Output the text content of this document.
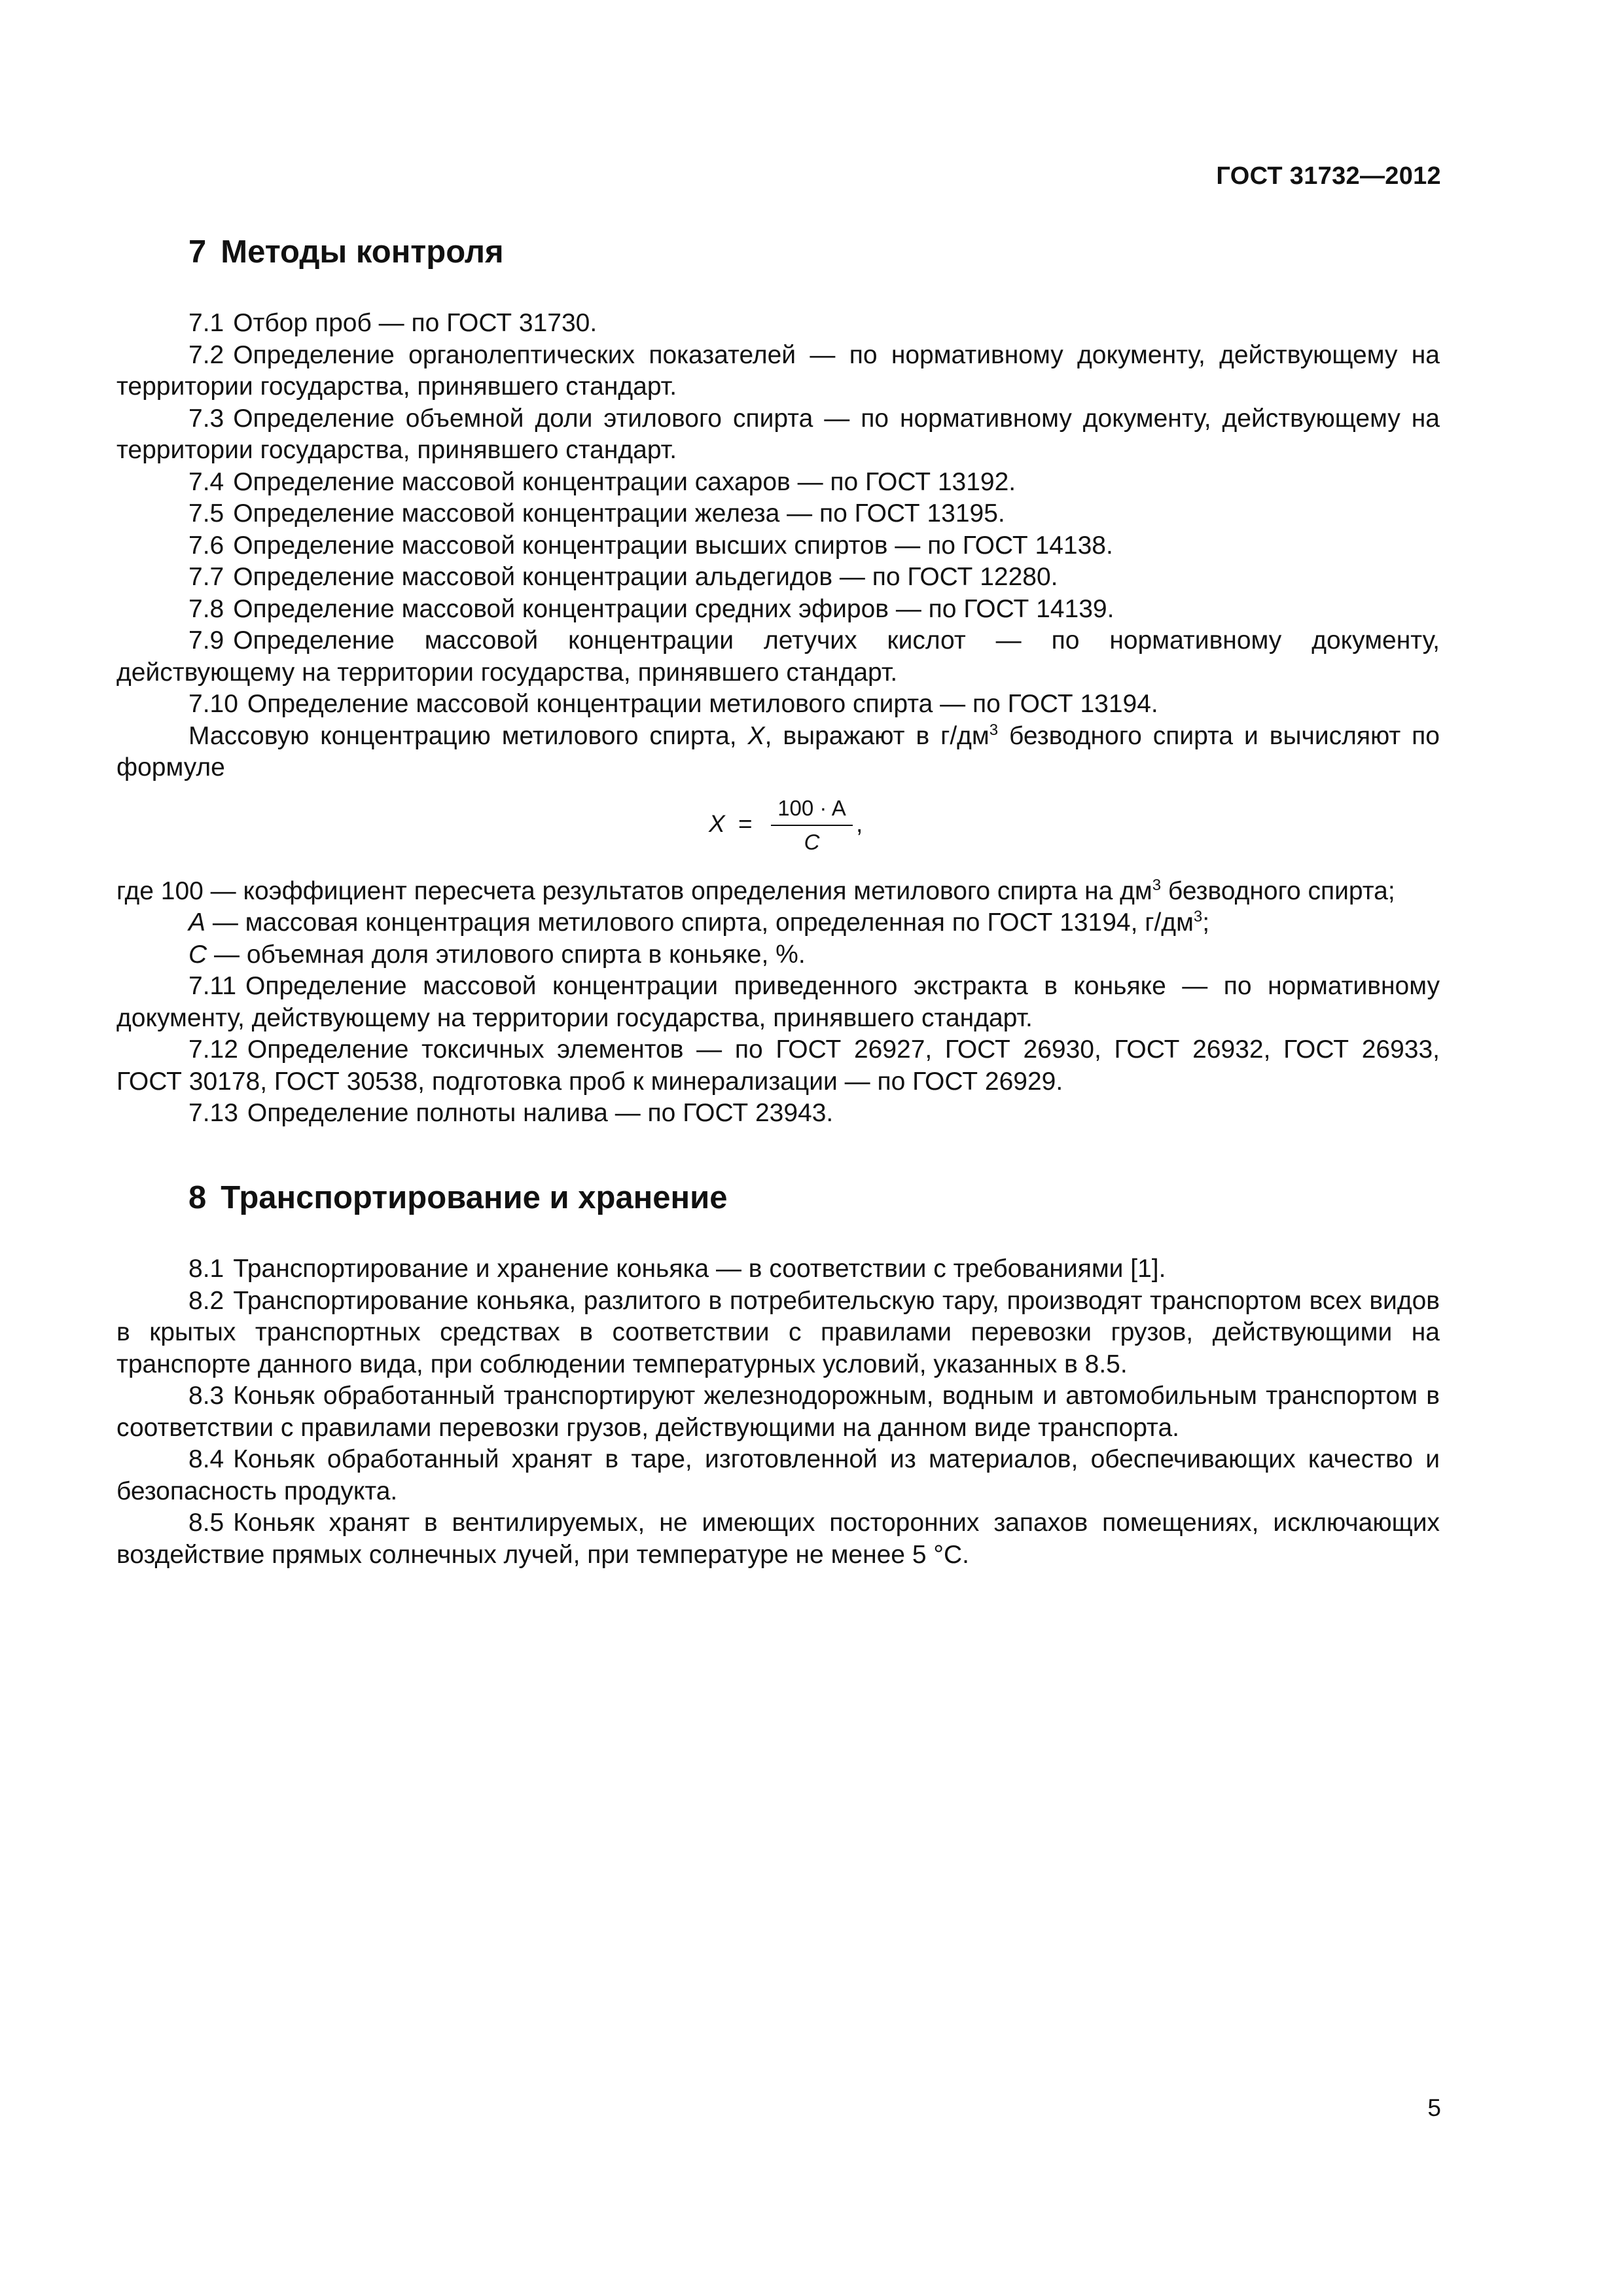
ГОСТ 31732—2012
7 Методы контроля

7.1 Отбор проб — по ГОСТ 31730.

7.2 Определение органолептических показателей — по нормативному документу, действующему на территории государства, принявшего стандарт.

7.3 Определение объемной доли этилового спирта — по нормативному документу, действующему на территории государства, принявшего стандарт.

7.4 Определение массовой концентрации сахаров — по ГОСТ 13192.

7.5 Определение массовой концентрации железа — по ГОСТ 13195.

7.6 Определение массовой концентрации высших спиртов — по ГОСТ 14138.

7.7 Определение массовой концентрации альдегидов — по ГОСТ 12280.

7.8 Определение массовой концентрации средних эфиров — по ГОСТ 14139.

7.9 Определение массовой концентрации летучих кислот — по нормативному документу, действующему на территории государства, принявшего стандарт.

7.10 Определение массовой концентрации метилового спирта — по ГОСТ 13194.

Массовую концентрацию метилового спирта, X, выражают в $г/дм^3$ безводного спирта и вычисляют по формуле

$X = \frac{100 \cdot A}{C}$ ,
где 100 — коэффициент пересчета результатов определения метилового спирта на $дм^3$ безводного спирта;
A — массовая концентрация метилового спирта, определенная по ГОСТ 13194, $г/дм^3$;
C — объемная доля этилового спирта в коньяке, %.

7.11 Определение массовой концентрации приведенного экстракта в коньяке — по нормативному документу, действующему на территории государства, принявшего стандарт.

7.12 Определение токсичных элементов — по ГОСТ 26927, ГОСТ 26930, ГОСТ 26932, ГОСТ 26933, ГОСТ 30178, ГОСТ 30538, подготовка проб к минерализации — по ГОСТ 26929.

7.13 Определение полноты налива — по ГОСТ 23943.

8 Транспортирование и хранение

8.1 Транспортирование и хранение коньяка — в соответствии с требованиями [1].

8.2 Транспортирование коньяка, разлитого в потребительскую тару, производят транспортом всех видов в крытых транспортных средствах в соответствии с правилами перевозки грузов, действующими на транспорте данного вида, при соблюдении температурных условий, указанных в 8.5.

8.3 Коньяк обработанный транспортируют железнодорожным, водным и автомобильным транспортом в соответствии с правилами перевозки грузов, действующими на данном виде транспорта.

8.4 Коньяк обработанный хранят в таре, изготовленной из материалов, обеспечивающих качество и безопасность продукта.

8.5 Коньяк хранят в вентилируемых, не имеющих посторонних запахов помещениях, исключающих воздействие прямых солнечных лучей, при температуре не менее 5 °С.

5
